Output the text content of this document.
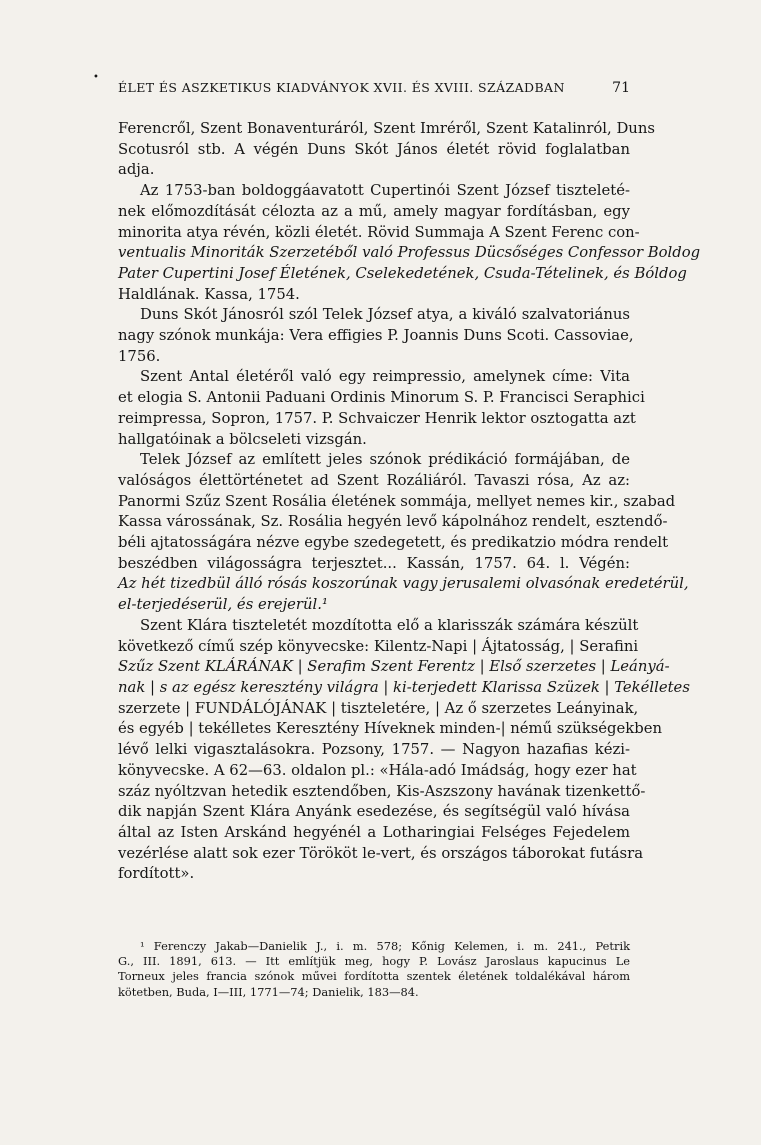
•
ÉLET ÉS ASZKETIKUS KIADVÁNYOK XVII. ÉS XVIII. SZÁZADBAN	71
Ferencről, Szent Bonaventuráról, Szent Imréről, Szent Katalinról, Duns
Scotusról stb. A végén Duns Skót János életét rövid foglalatban
adja.
Az 1753-ban boldoggáavatott Cupertinói Szent József tiszteleté-
nek előmozdítását célozta az a mű, amely magyar fordításban, egy
minorita atya révén, közli életét. Rövid Summaja A Szent Ferenc con-
ventualis Minoriták Szerzetéből való Professus Dücsőséges Confessor Boldog
Pater Cupertini Josef Életének, Cselekedetének, Csuda-Tételinek, és Bóldog
Haldlának. Kassa, 1754.
Duns Skót Jánosról szól Telek József atya, a kiváló szalvatoriánus
nagy szónok munkája: Vera effigies P. Joannis Duns Scoti. Cassoviae,
1756.
Szent Antal életéről való egy reimpressio, amelynek címe: Vita
et elogia S. Antonii Paduani Ordinis Minorum S. P. Francisci Seraphici
reimpressa, Sopron, 1757. P. Schvaiczer Henrik lektor osztogatta azt
hallgatóinak a bölcseleti vizsgán.
Telek József az említett jeles szónok prédikáció formájában, de
valóságos élettörténetet ad Szent Rozáliáról. Tavaszi rósa, Az az:
Panormi Szűz Szent Rosália életének sommája, mellyet nemes kir., szabad
Kassa várossának, Sz. Rosália hegyén levő kápolnához rendelt, esztendő-
béli ajtatosságára nézve egybe szedegetett, és predikatzio módra rendelt
beszédben világosságra terjesztet... Kassán, 1757. 64. l. Végén:
Az hét tizedbül álló rósás koszorúnak vagy jerusalemi olvasónak eredetérül,
el-terjedéserül, és erejerül.¹
Szent Klára tiszteletét mozdította elő a klarisszák számára készült
következő című szép könyvecske: Kilentz-Napi | Ájtatosság, | Serafini
Szűz Szent KLÁRÁNAK | Serafim Szent Ferentz | Első szerzetes | Leányá-
nak | s az egész keresztény világra | ki-terjedett Klarissa Szüzek | Tekélletes
szerzete | FUNDÁLÓJÁNAK | tiszteletére, | Az ő szerzetes Leányinak,
és egyéb | tekélletes Keresztény Híveknek minden-| némű szükségekben
lévő lelki vigasztalásokra. Pozsony, 1757. — Nagyon hazafias kézi-
könyvecske. A 62—63. oldalon pl.: «Hála-adó Imádság, hogy ezer hat
száz nyóltzvan hetedik esztendőben, Kis-Aszszony havának tizenkettő-
dik napján Szent Klára Anyánk esedezése, és segítségül való hívása
által az Isten Arskánd hegyénél a Lotharingiai Felséges Fejedelem
vezérlése alatt sok ezer Törököt le-vert, és országos táborokat futásra
fordított».
¹ Ferenczy Jakab—Danielik J., i. m. 578; Kőnig Kelemen, i. m. 241., Petrik
G., III. 1891, 613. — Itt említjük meg, hogy P. Lovász Jaroslaus kapucinus Le
Torneux jeles francia szónok művei fordította szentek életének toldalékával három
kötetben, Buda, I—III, 1771—74; Danielik, 183—84.
